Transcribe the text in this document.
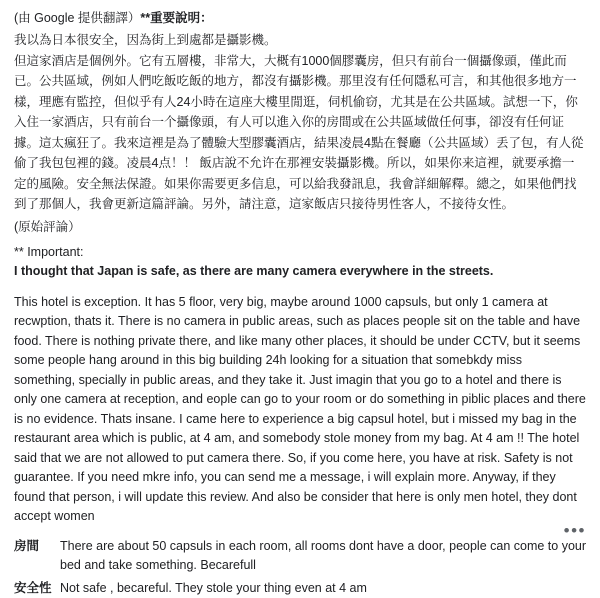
(由 Google 提供翻譯）**重要說明：

我以為日本很安全，因為街上到處都是攝影機。

但這家酒店是個例外。它有五層樓，非常大，大概有1000個膠囊房，但只有前台一個攝像頭，僅此而已。公共區域，例如人們吃飯吃飯的地方，都沒有攝影機。那里沒有任何隱私可言，和其他很多地方一樣，理應有監控，但似乎有人24小時在這座大樓里閒逛，伺机偷窃，尤其是在公共區域。試想一下，你入住一家酒店，只有前台一个攝像頭，有人可以進入你的房間或在公共區域做任何事，卻沒有任何证據。這太瘋狂了。我來這裡是為了體驗大型膠囊酒店，結果凌晨4點在餐廳（公共區域）丢了包，有人從偷了我包包裡的錢。凌晨4点！！ 飯店說不允许在那裡安裝攝影機。所以，如果你来這裡，就要承擔一定的風險。安全無法保證。如果你需要更多信息，可以給我發訊息，我會詳細解釋。總之，如果他們找到了那個人，我會更新這篇評論。另外，請注意，這家飯店只接待男性客人，不接待女性。

(原始評論）

** Important:

I thought that Japan is safe, as there are many camera everywhere in the streets.

This hotel is exception. It has 5 floor, very big, maybe around 1000 capsuls, but only 1 camera at recwption, thats it. There is no camera in public areas, such as places people sit on the table and have food. There is nothing private there, and like many other places, it should be under CCTV, but it seems some people hang around in this big building 24h looking for a situation that somebkdy miss something, specially in public areas, and they take it. Just imagin that you go to a hotel and there is only one camera at reception, and eople can go to your room or do something in piblic places and there is no evidence. Thats insane. I came here to experience a big capsul hotel, but i missed my bag in the restaurant area which is public, at 4 am, and somebody stole money from my bag. At 4 am !! The hotel said that we are not allowed to put camera there. So, if you come here, you have at risk. Safety is not guarantee. If you need mkre info, you can send me a message, i will explain more. Anyway, if they found that person, i will update this review. And also be consider that here is only men hotel, they dont accept women

房間	There are about 50 capsuls in each room, all rooms dont have a door, people can come to your bed and take something. Becarefull
安全性 Not safe , becareful. They stole your thing even at 4 am
•••
